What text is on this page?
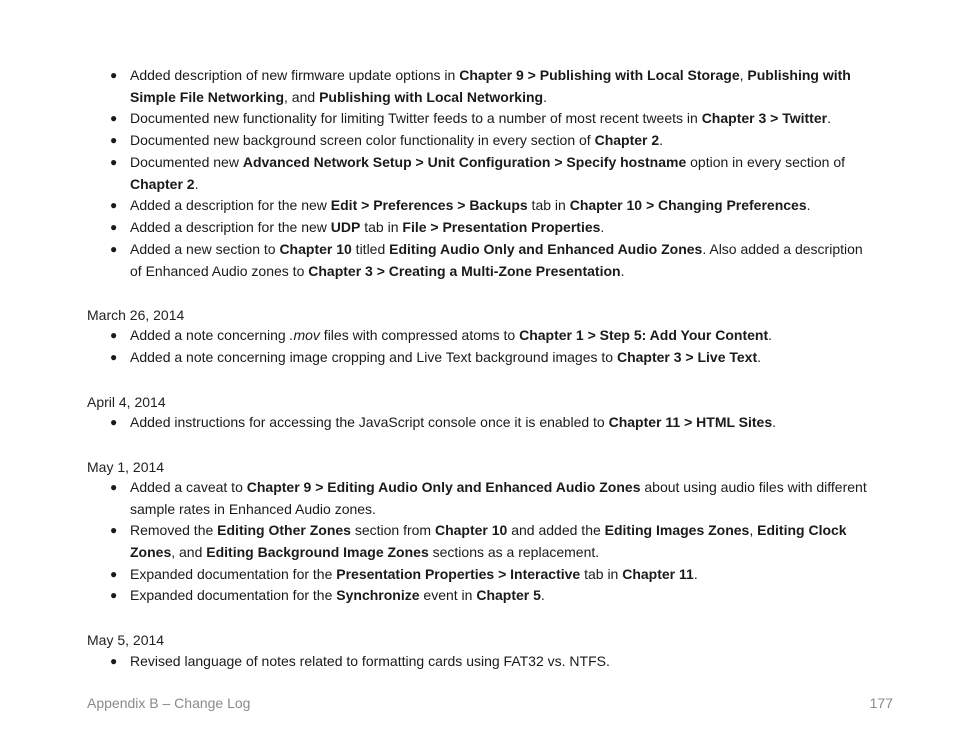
● Added description of new firmware update options in Chapter 9 > Publishing with Local Storage, Publishing with Simple File Networking, and Publishing with Local Networking.
● Documented new functionality for limiting Twitter feeds to a number of most recent tweets in Chapter 3 > Twitter.
● Documented new background screen color functionality in every section of Chapter 2.
● Documented new Advanced Network Setup > Unit Configuration > Specify hostname option in every section of Chapter 2.
● Added a description for the new Edit > Preferences > Backups tab in Chapter 10 > Changing Preferences.
● Added a description for the new UDP tab in File > Presentation Properties.
● Added a new section to Chapter 10 titled Editing Audio Only and Enhanced Audio Zones. Also added a description of Enhanced Audio zones to Chapter 3 > Creating a Multi-Zone Presentation.
March 26, 2014
● Added a note concerning .mov files with compressed atoms to Chapter 1 > Step 5: Add Your Content.
● Added a note concerning image cropping and Live Text background images to Chapter 3 > Live Text.
April 4, 2014
● Added instructions for accessing the JavaScript console once it is enabled to Chapter 11 > HTML Sites.
May 1, 2014
● Added a caveat to Chapter 9 > Editing Audio Only and Enhanced Audio Zones about using audio files with different sample rates in Enhanced Audio zones.
● Removed the Editing Other Zones section from Chapter 10 and added the Editing Images Zones, Editing Clock Zones, and Editing Background Image Zones sections as a replacement.
● Expanded documentation for the Presentation Properties > Interactive tab in Chapter 11.
● Expanded documentation for the Synchronize event in Chapter 5.
May 5, 2014
● Revised language of notes related to formatting cards using FAT32 vs. NTFS.
Appendix B – Change Log	177
